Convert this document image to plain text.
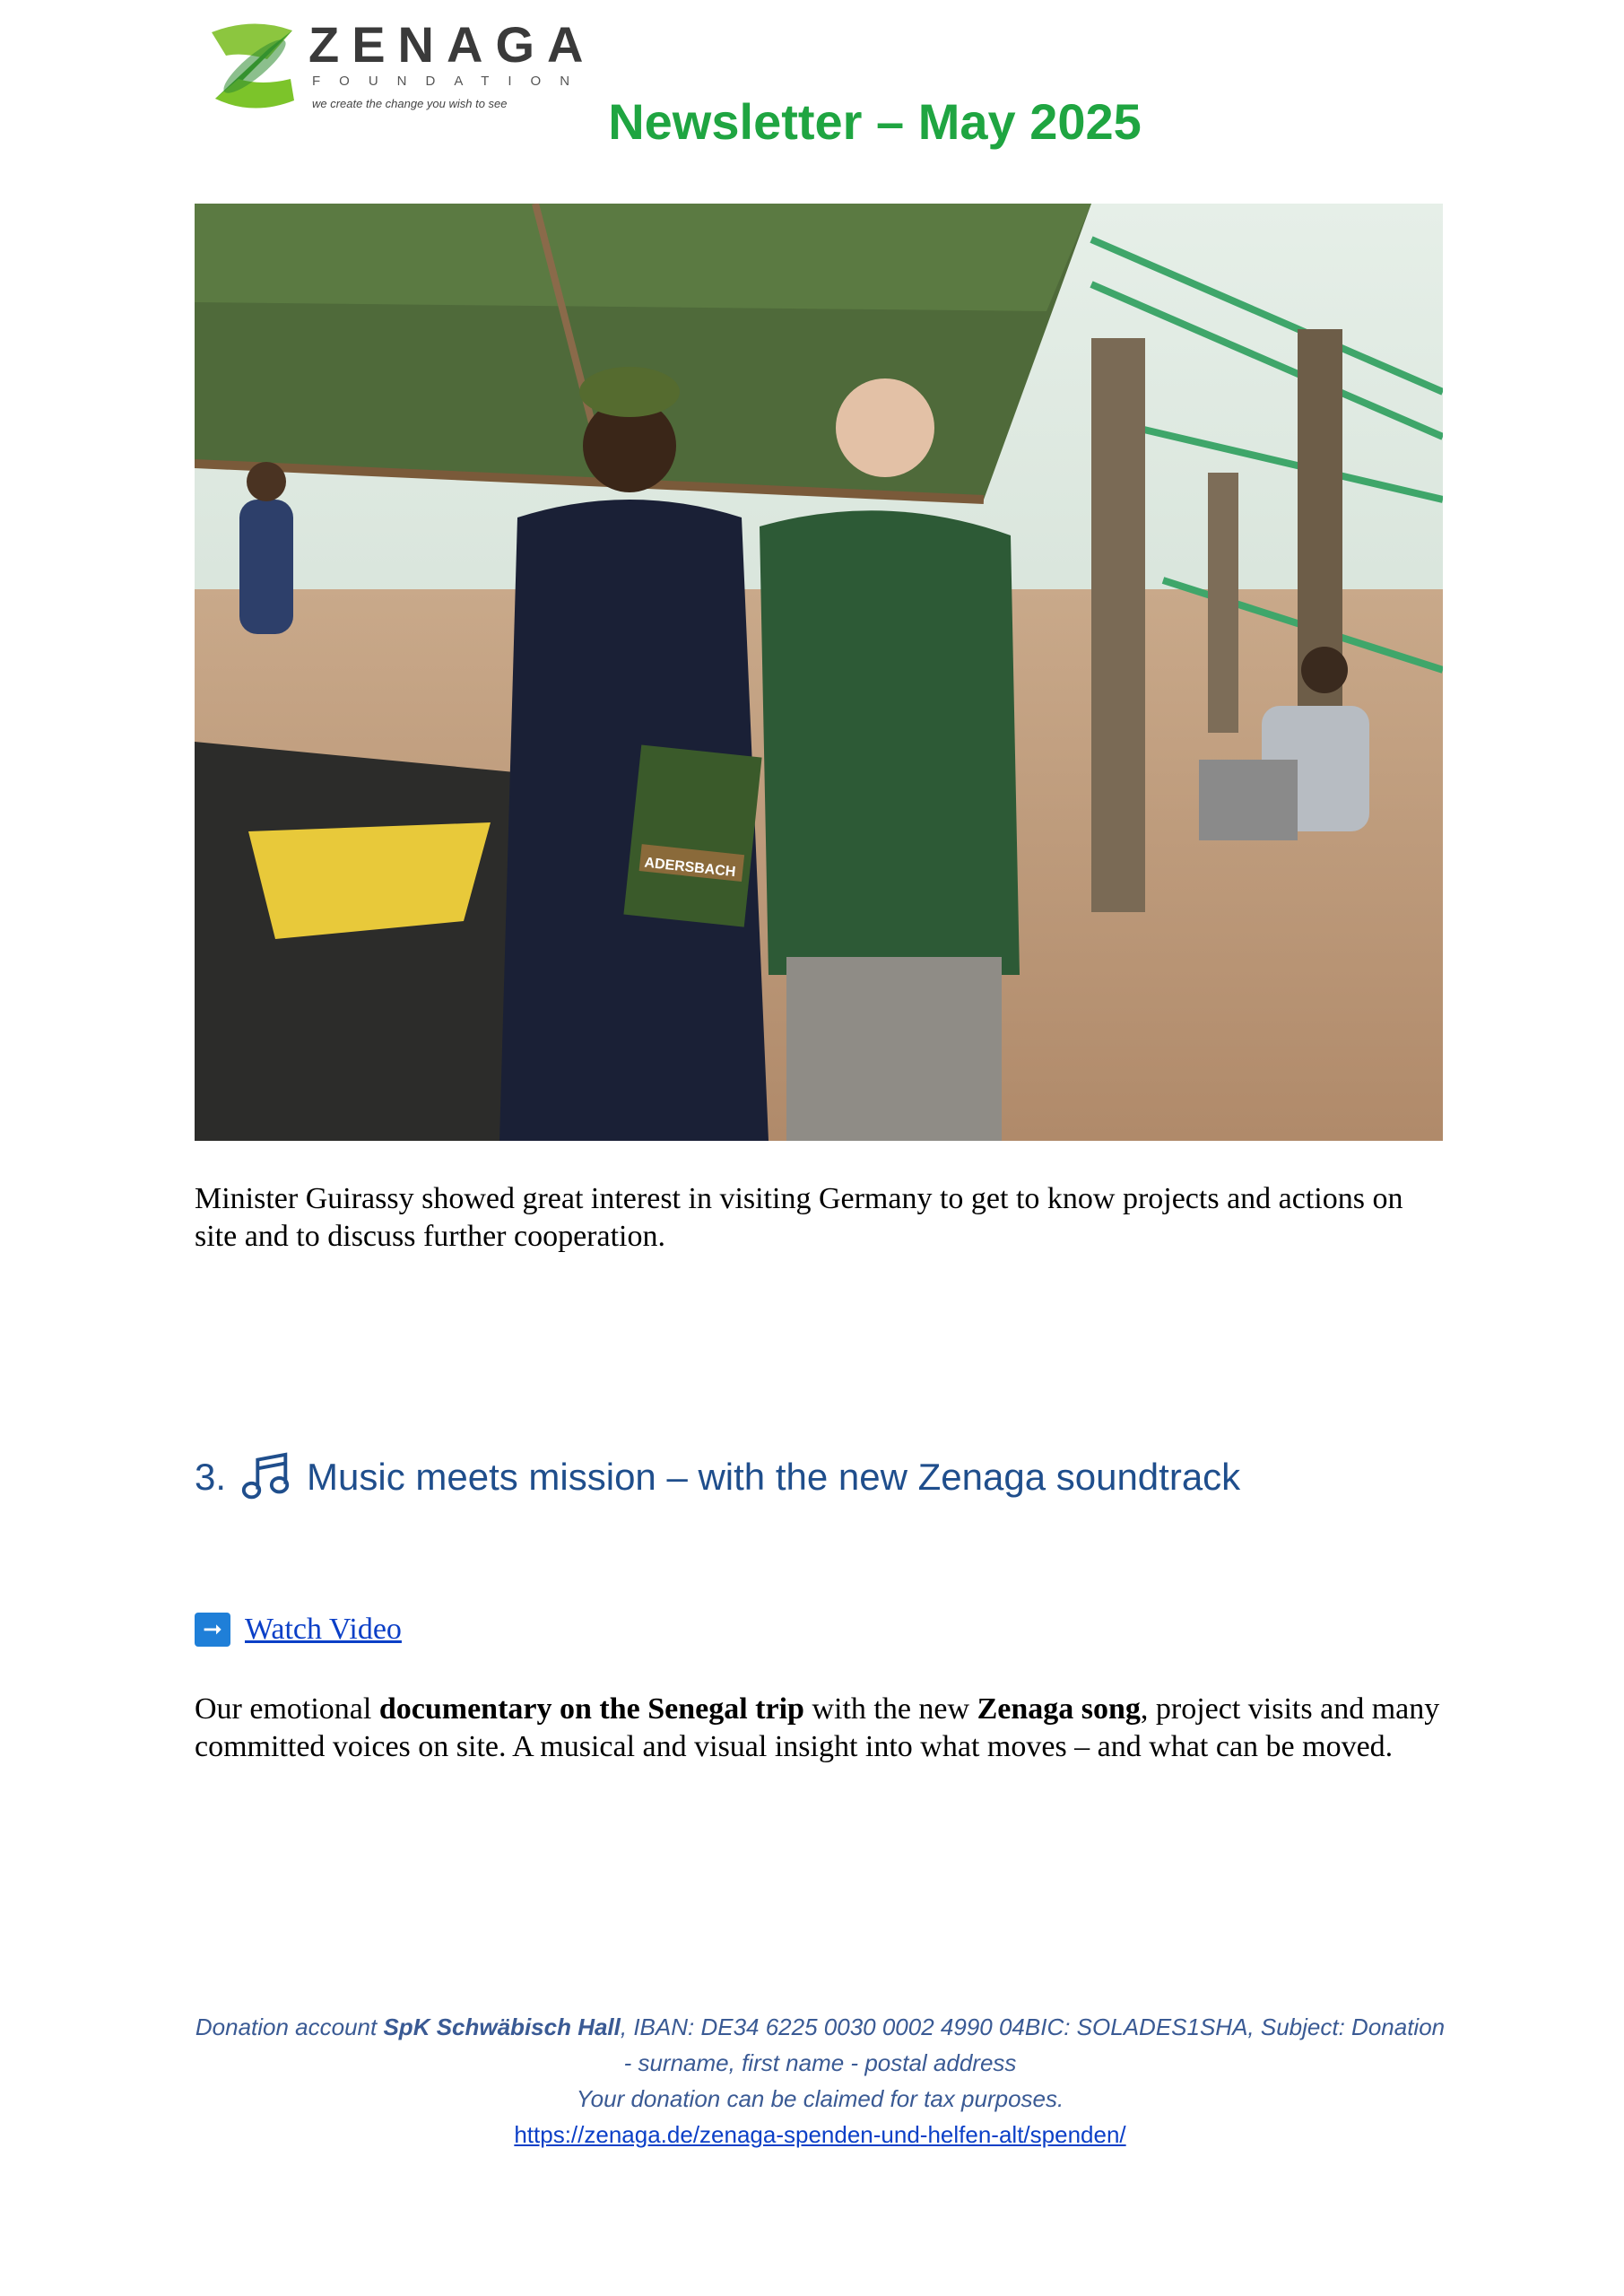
ZENAGA
FOUNDATION
we create the change you wish to see	Newsletter – May 2025
ADERSBACH
Minister Guirassy showed great interest in visiting Germany to get to know projects and actions on site and to discuss further cooperation.
3. Music meets mission – with the new Zenaga soundtrack
➞ Watch Video
Our emotional documentary on the Senegal trip with the new Zenaga song, project visits and many committed voices on site. A musical and visual insight into what moves – and what can be moved.
Donation account SpK Schwäbisch Hall, IBAN: DE34 6225 0030 0002 4990 04BIC: SOLADES1SHA, Subject: Donation - surname, first name - postal address
Your donation can be claimed for tax purposes.
https://zenaga.de/zenaga-spenden-und-helfen-alt/spenden/
